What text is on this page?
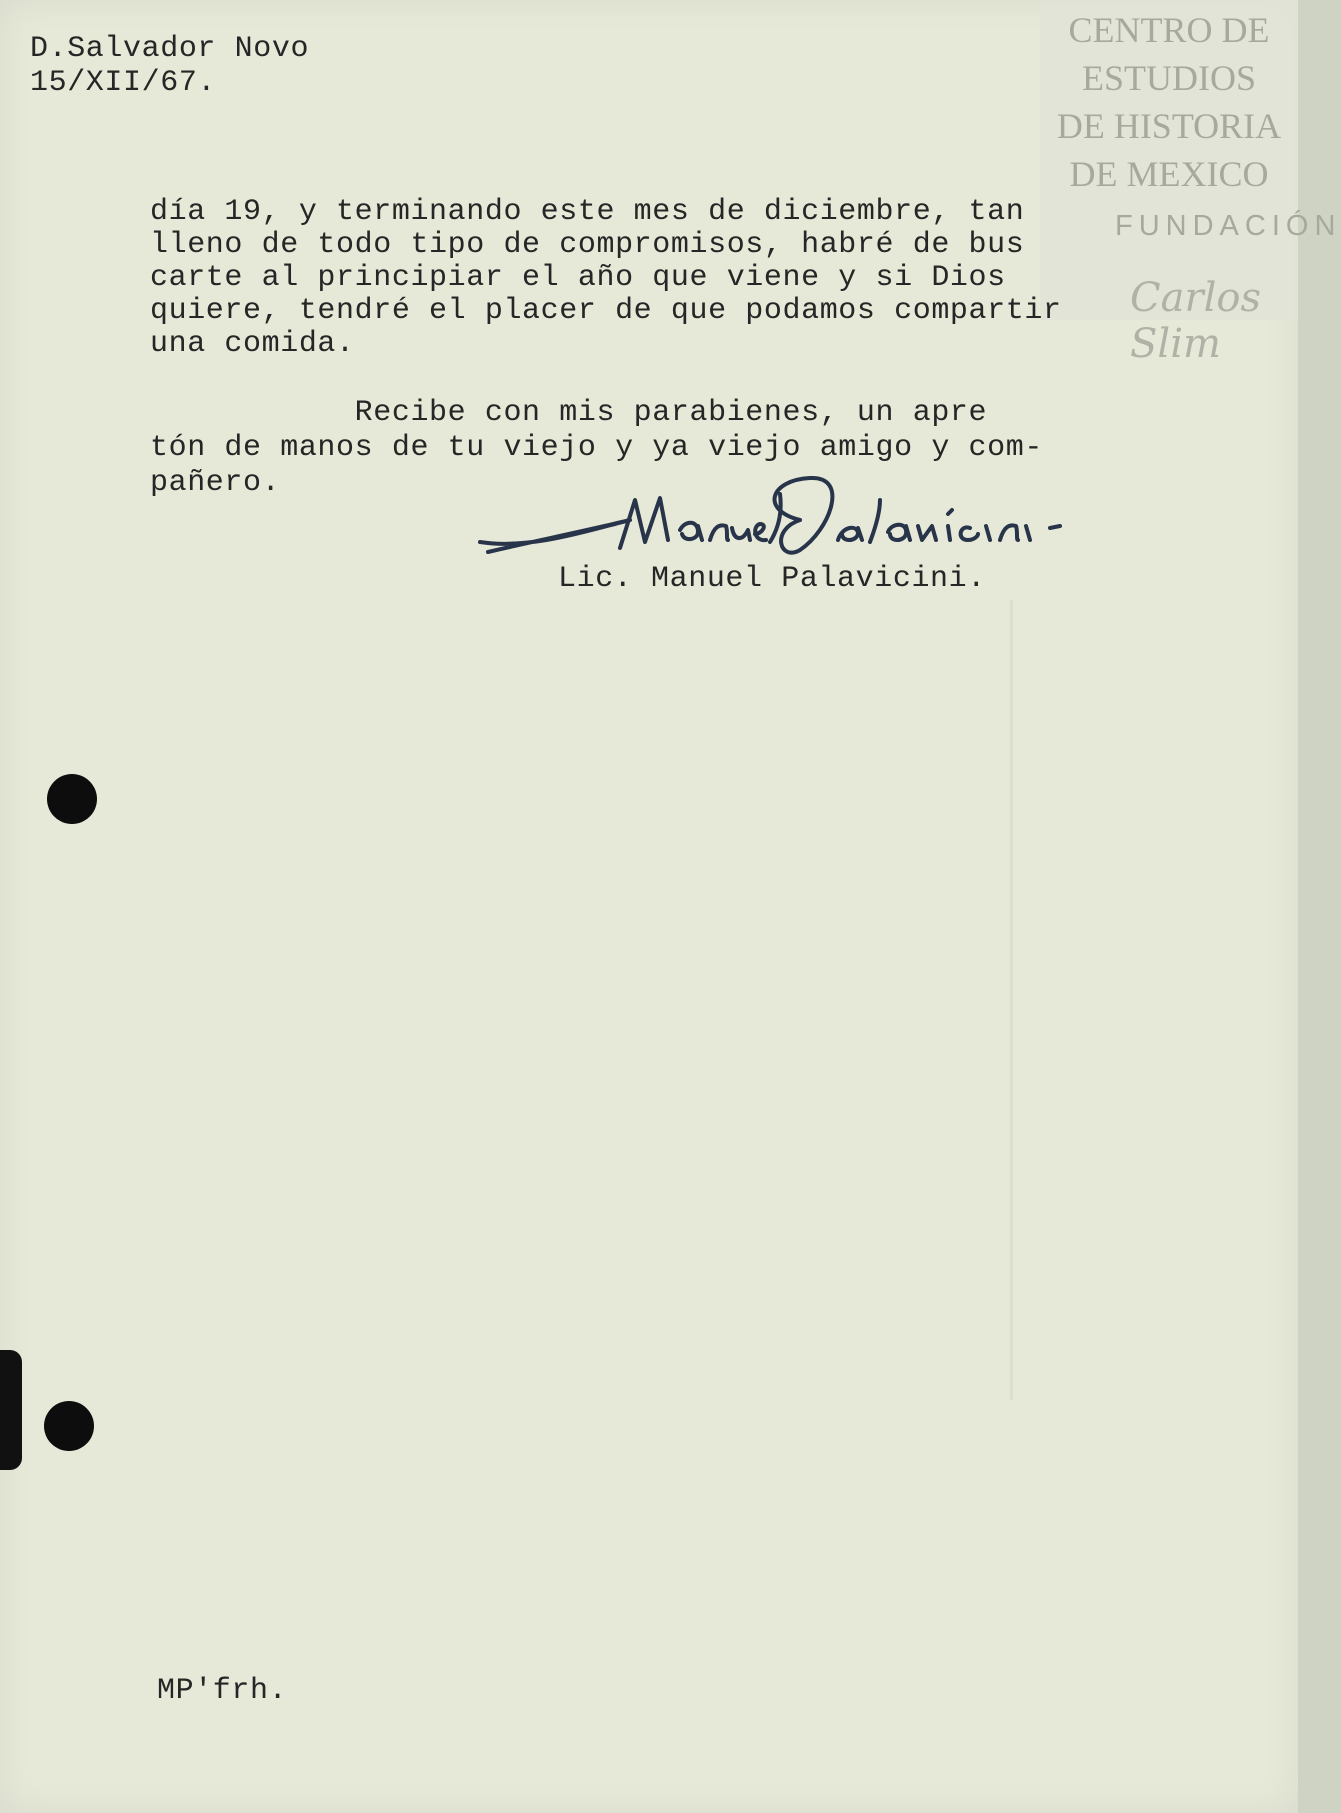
CENTRO DE
ESTUDIOS
DE HISTORIA
DE MEXICO
FUNDACIÓN
Carlos Slim
D.Salvador Novo
15/XII/67.
día 19, y terminando este mes de diciembre, tan
lleno de todo tipo de compromisos, habré de bus
carte al principiar el año que viene y si Dios
quiere, tendré el placer de que podamos compartir
una comida.
Recibe con mis parabienes, un apre
tón de manos de tu viejo y ya viejo amigo y com-
pañero.
Lic. Manuel Palavicini.
MP'frh.
